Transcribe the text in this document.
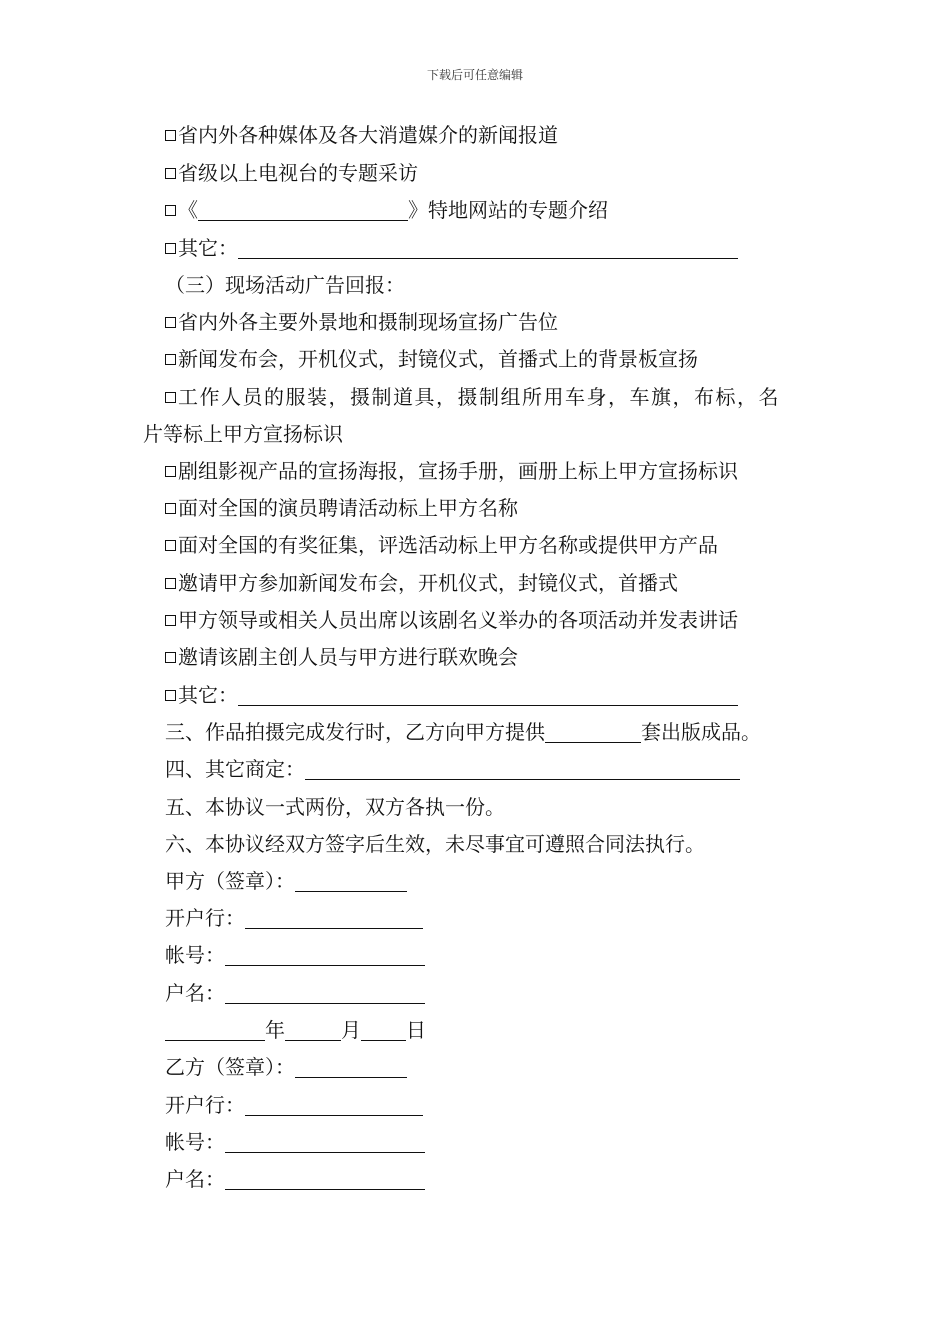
下载后可任意编辑
省内外各种媒体及各大消遣媒介的新闻报道
省级以上电视台的专题采访
《	》特地网站的专题介绍
其它：
（三）现场活动广告回报：
省内外各主要外景地和摄制现场宣扬广告位
新闻发布会，开机仪式，封镜仪式，首播式上的背景板宣扬
工作人员的服装，摄制道具，摄制组所用车身，车旗，布标，名
片等标上甲方宣扬标识
剧组影视产品的宣扬海报，宣扬手册，画册上标上甲方宣扬标识
面对全国的演员聘请活动标上甲方名称
面对全国的有奖征集，评选活动标上甲方名称或提供甲方产品
邀请甲方参加新闻发布会，开机仪式，封镜仪式，首播式
甲方领导或相关人员出席以该剧名义举办的各项活动并发表讲话
邀请该剧主创人员与甲方进行联欢晚会
其它：
三、作品拍摄完成发行时，乙方向甲方提供	套出版成品。
四、其它商定：
五、本协议一式两份，双方各执一份。
六、本协议经双方签字后生效，未尽事宜可遵照合同法执行。
甲方（签章）：
开户行：
帐号：
户名：
年	月 日
乙方（签章）：
开户行：
帐号：
户名：
